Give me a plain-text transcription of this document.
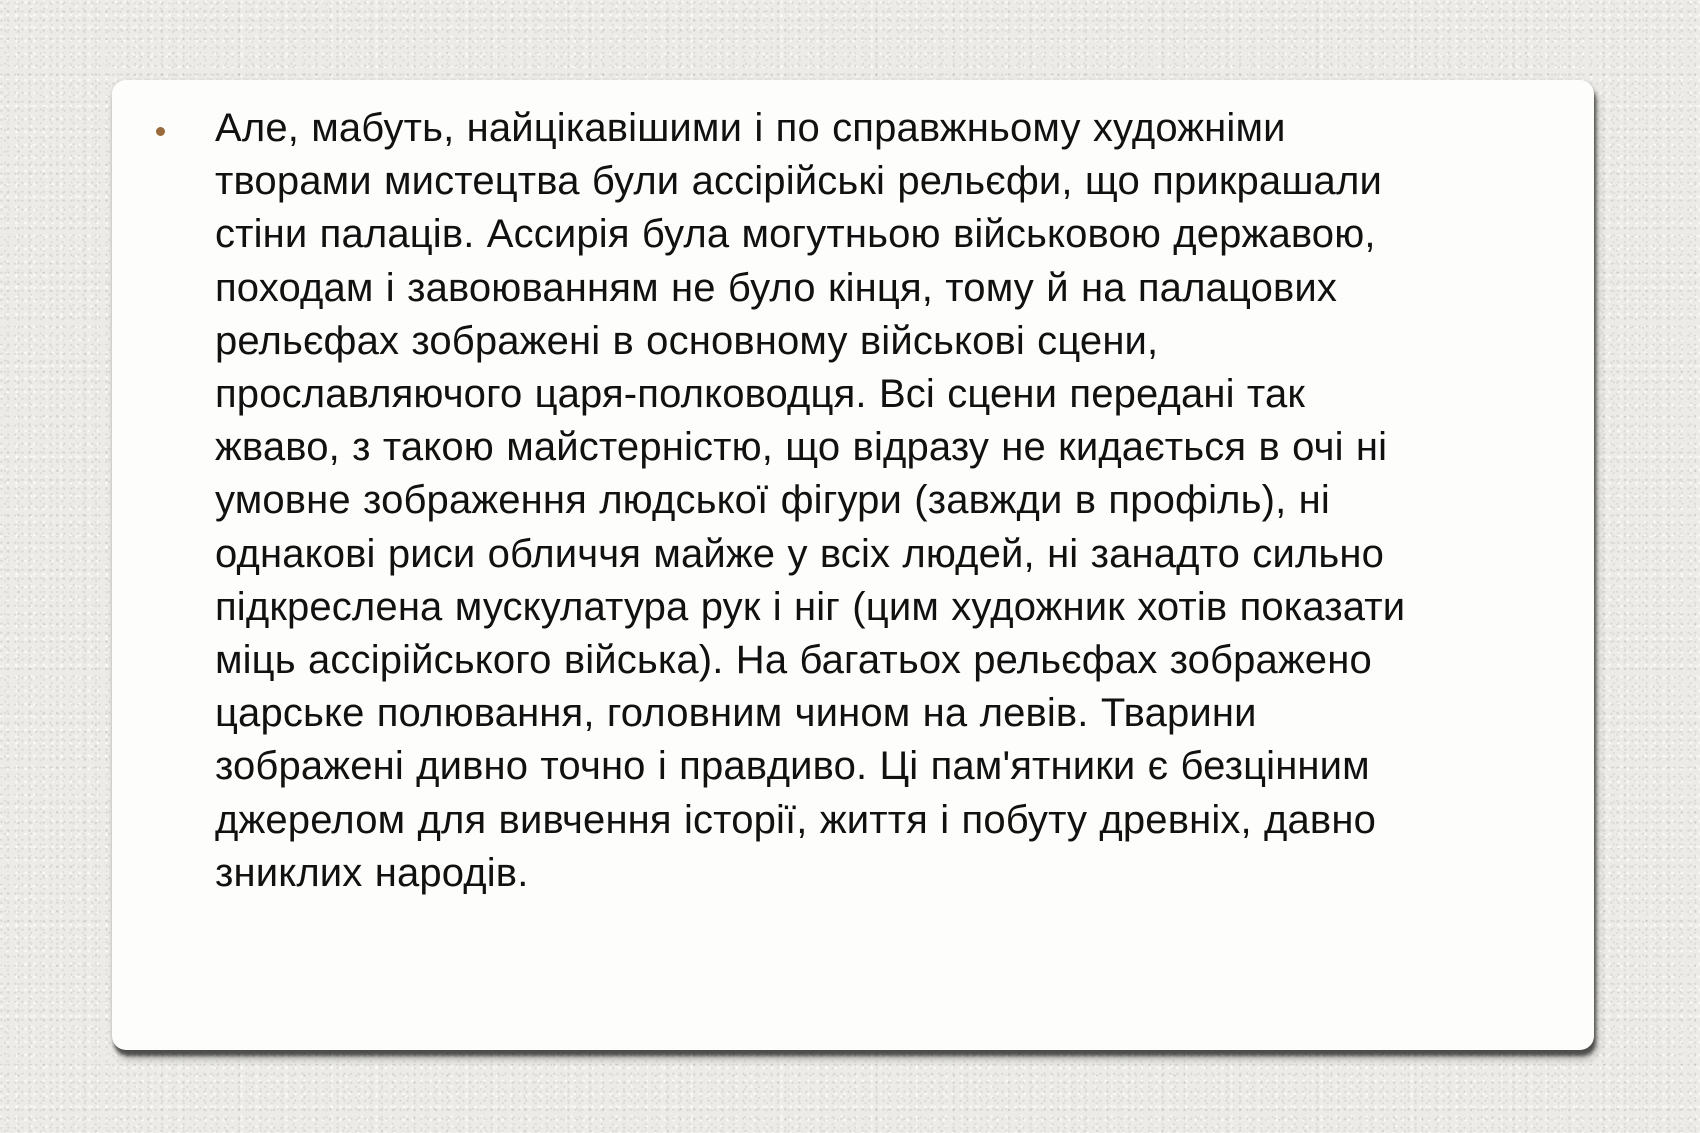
Але, мабуть, найцікавішими і по справжньому художніми
творами мистецтва були ассірійські рельєфи, що прикрашали
стіни палаців. Ассирія була могутньою військовою державою,
походам і завоюванням не було кінця, тому й на палацових
рельєфах зображені в основному військові сцени,
прославляючого царя-полководця. Всі сцени передані так
жваво, з такою майстерністю, що відразу не кидається в очі ні
умовне зображення людської фігури (завжди в профіль), ні
однакові риси обличчя майже у всіх людей, ні занадто сильно
підкреслена мускулатура рук і ніг (цим художник хотів показати
міць ассірійського війська). На багатьох рельєфах зображено
царське полювання, головним чином на левів. Тварини
зображені дивно точно і правдиво. Ці пам'ятники є безцінним
джерелом для вивчення історії, життя і побуту древніх, давно
зниклих народів.
